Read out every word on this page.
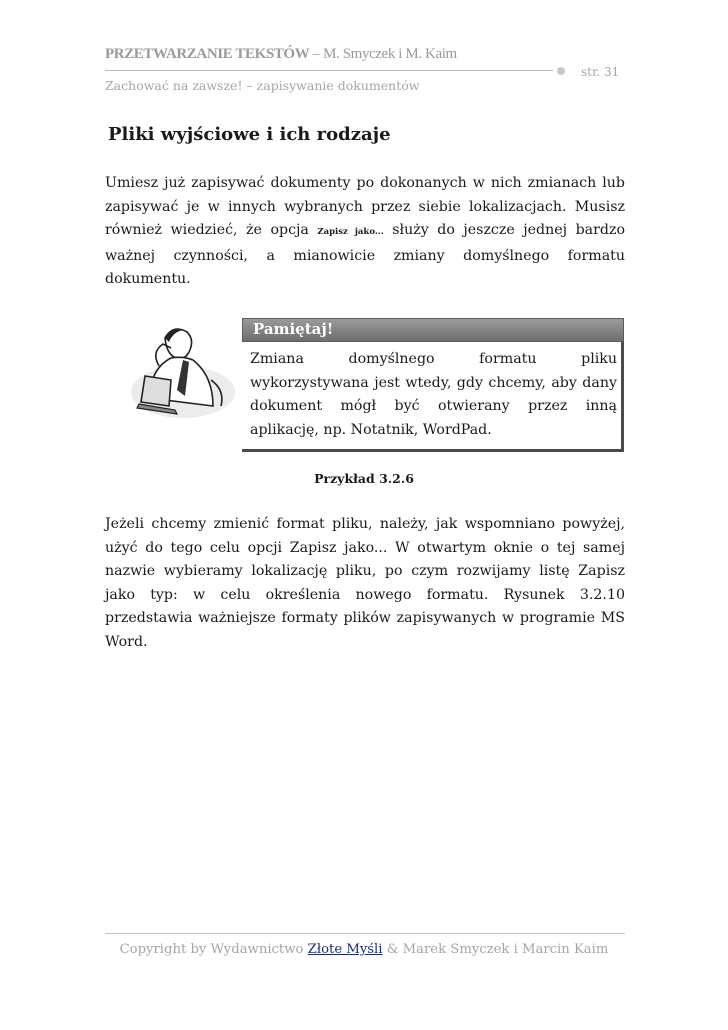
PRZETWARZANIE TEKSTÓW – M. Smyczek i M. Kaim
str. 31
Zachować na zawsze! – zapisywanie dokumentów
Pliki wyjściowe i ich rodzaje

Umiesz już zapisywać dokumenty po dokonanych w nich zmianach lub zapisywać je w innych wybranych przez siebie lokalizacjach. Musisz również wiedzieć, że opcja Zapisz jako... służy do jeszcze jednej bardzo ważnej czynności, a mianowicie zmiany domyślnego formatu dokumentu.

Pamiętaj!
Zmiana domyślnego formatu pliku wykorzystywana jest wtedy, gdy chcemy, aby dany dokument mógł być otwierany przez inną aplikację, np. Notatnik, WordPad.
Przykład 3.2.6

Jeżeli chcemy zmienić format pliku, należy, jak wspomniano powyżej, użyć do tego celu opcji Zapisz jako... W otwartym oknie o tej samej nazwie wybieramy lokalizację pliku, po czym rozwijamy listę Zapisz jako typ: w celu określenia nowego formatu. Rysunek 3.2.10 przedstawia ważniejsze formaty plików zapisywanych w programie MS Word.

Copyright by Wydawnictwo Złote Myśli & Marek Smyczek i Marcin Kaim
